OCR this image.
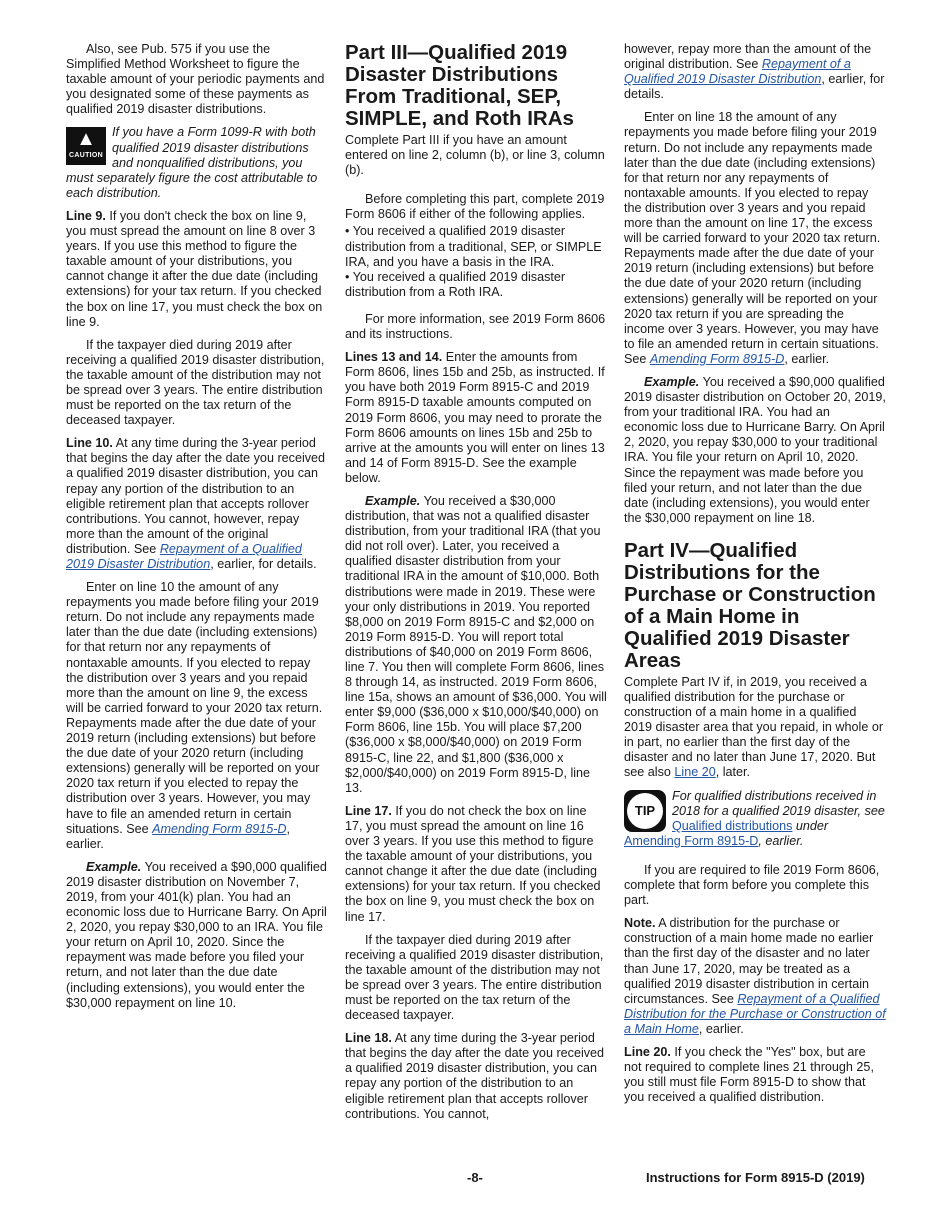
Also, see Pub. 575 if you use the Simplified Method Worksheet to figure the taxable amount of your periodic payments and you designated some of these payments as qualified 2019 disaster distributions.

▲
CAUTION
If you have a Form 1099-R with both qualified 2019 disaster distributions and nonqualified distributions, you must separately figure the cost attributable to each distribution.

Line 9. If you don't check the box on line 9, you must spread the amount on line 8 over 3 years. If you use this method to figure the taxable amount of your distributions, you cannot change it after the due date (including extensions) for your tax return. If you checked the box on line 17, you must check the box on line 9.

If the taxpayer died during 2019 after receiving a qualified 2019 disaster distribution, the taxable amount of the distribution may not be spread over 3 years. The entire distribution must be reported on the tax return of the deceased taxpayer.

Line 10. At any time during the 3-year period that begins the day after the date you received a qualified 2019 disaster distribution, you can repay any portion of the distribution to an eligible retirement plan that accepts rollover contributions. You cannot, however, repay more than the amount of the original distribution. See Repayment of a Qualified 2019 Disaster Distribution, earlier, for details.

Enter on line 10 the amount of any repayments you made before filing your 2019 return. Do not include any repayments made later than the due date (including extensions) for that return nor any repayments of nontaxable amounts. If you elected to repay the distribution over 3 years and you repaid more than the amount on line 9, the excess will be carried forward to your 2020 tax return. Repayments made after the due date of your 2019 return (including extensions) but before the due date of your 2020 return (including extensions) generally will be reported on your 2020 tax return if you elected to repay the distribution over 3 years. However, you may have to file an amended return in certain situations. See Amending Form 8915-D, earlier.

Example. You received a $90,000 qualified 2019 disaster distribution on November 7, 2019, from your 401(k) plan. You had an economic loss due to Hurricane Barry. On April 2, 2020, you repay $30,000 to an IRA. You file your return on April 10, 2020. Since the repayment was made before you filed your return, and not later than the due date (including extensions), you would enter the $30,000 repayment on line 10.

Part III—Qualified 2019 Disaster Distributions From Traditional, SEP, SIMPLE, and Roth IRAs

Complete Part III if you have an amount entered on line 2, column (b), or line 3, column (b).

Before completing this part, complete 2019 Form 8606 if either of the following applies.

• You received a qualified 2019 disaster distribution from a traditional, SEP, or SIMPLE IRA, and you have a basis in the IRA.
• You received a qualified 2019 disaster distribution from a Roth IRA.

For more information, see 2019 Form 8606 and its instructions.

Lines 13 and 14. Enter the amounts from Form 8606, lines 15b and 25b, as instructed. If you have both 2019 Form 8915-C and 2019 Form 8915-D taxable amounts computed on 2019 Form 8606, you may need to prorate the Form 8606 amounts on lines 15b and 25b to arrive at the amounts you will enter on lines 13 and 14 of Form 8915-D. See the example below.

Example. You received a $30,000 distribution, that was not a qualified disaster distribution, from your traditional IRA (that you did not roll over). Later, you received a qualified disaster distribution from your traditional IRA in the amount of $10,000. Both distributions were made in 2019. These were your only distributions in 2019. You reported $8,000 on 2019 Form 8915-C and $2,000 on 2019 Form 8915-D. You will report total distributions of $40,000 on 2019 Form 8606, line 7. You then will complete Form 8606, lines 8 through 14, as instructed. 2019 Form 8606, line 15a, shows an amount of $36,000. You will enter $9,000 ($36,000 x $10,000/$40,000) on Form 8606, line 15b. You will place $7,200 ($36,000 x $8,000/$40,000) on 2019 Form 8915-C, line 22, and $1,800 ($36,000 x $2,000/$40,000) on 2019 Form 8915-D, line 13.

Line 17. If you do not check the box on line 17, you must spread the amount on line 16 over 3 years. If you use this method to figure the taxable amount of your distributions, you cannot change it after the due date (including extensions) for your tax return. If you checked the box on line 9, you must check the box on line 17.

If the taxpayer died during 2019 after receiving a qualified 2019 disaster distribution, the taxable amount of the distribution may not be spread over 3 years. The entire distribution must be reported on the tax return of the deceased taxpayer.

Line 18. At any time during the 3-year period that begins the day after the date you received a qualified 2019 disaster distribution, you can repay any portion of the distribution to an eligible retirement plan that accepts rollover contributions. You cannot,

however, repay more than the amount of the original distribution. See Repayment of a Qualified 2019 Disaster Distribution, earlier, for details.

Enter on line 18 the amount of any repayments you made before filing your 2019 return. Do not include any repayments made later than the due date (including extensions) for that return nor any repayments of nontaxable amounts. If you elected to repay the distribution over 3 years and you repaid more than the amount on line 17, the excess will be carried forward to your 2020 tax return. Repayments made after the due date of your 2019 return (including extensions) but before the due date of your 2020 return (including extensions) generally will be reported on your 2020 tax return if you are spreading the income over 3 years. However, you may have to file an amended return in certain situations. See Amending Form 8915-D, earlier.

Example. You received a $90,000 qualified 2019 disaster distribution on October 20, 2019, from your traditional IRA. You had an economic loss due to Hurricane Barry. On April 2, 2020, you repay $30,000 to your traditional IRA. You file your return on April 10, 2020. Since the repayment was made before you filed your return, and not later than the due date (including extensions), you would enter the $30,000 repayment on line 18.

Part IV—Qualified Distributions for the Purchase or Construction of a Main Home in Qualified 2019 Disaster Areas

Complete Part IV if, in 2019, you received a qualified distribution for the purchase or construction of a main home in a qualified 2019 disaster area that you repaid, in whole or in part, no earlier than the first day of the disaster and no later than June 17, 2020. But see also Line 20, later.

TIP
For qualified distributions received in 2018 for a qualified 2019 disaster, see Qualified distributions under Amending Form 8915-D, earlier.

If you are required to file 2019 Form 8606, complete that form before you complete this part.

Note. A distribution for the purchase or construction of a main home made no earlier than the first day of the disaster and no later than June 17, 2020, may be treated as a qualified 2019 disaster distribution in certain circumstances. See Repayment of a Qualified Distribution for the Purchase or Construction of a Main Home, earlier.

Line 20. If you check the "Yes" box, but are not required to complete lines 21 through 25, you still must file Form 8915-D to show that you received a qualified distribution.

-8-	Instructions for Form 8915-D (2019)
